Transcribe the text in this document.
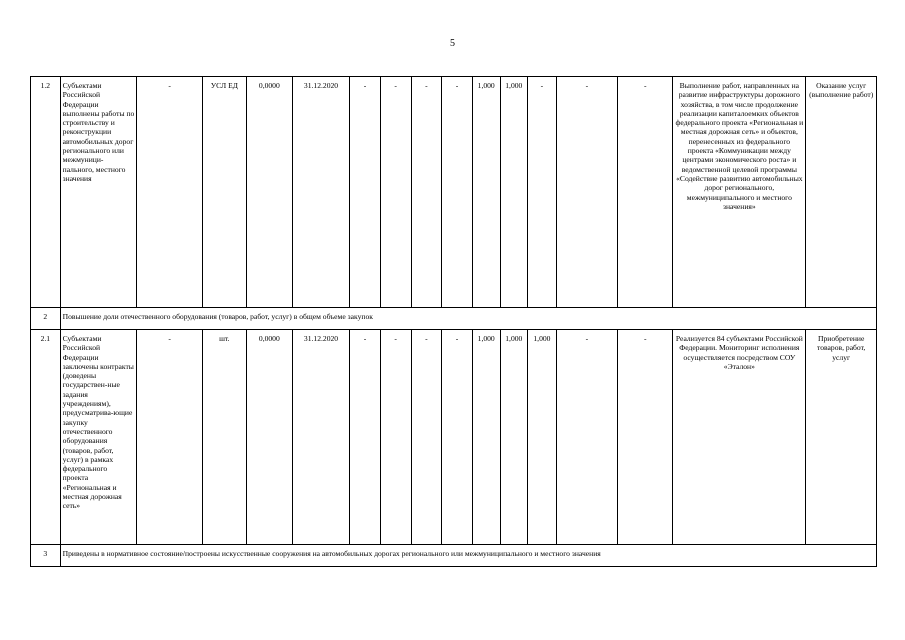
5
1.2	Субъектами Российской Федерации выполнены работы по строительству и реконструкции автомобильных дорог регионального или межмуници-пального, местного значения	-	УСЛ ЕД	0,0000	31.12.2020	-	-	-	-	1,000	1,000	-	-	-	Выполнение работ, направленных на развитие инфраструктуры дорожного хозяйства, в том числе продолжение реализации капиталоемких объектов федерального проекта «Региональная и местная дорожная сеть» и объектов, перенесенных из федерального проекта «Коммуникации между центрами экономического роста» и ведомственной целевой программы «Содействие развитию автомобильных дорог регионального, межмуниципального и местного значения»	Оказание услуг (выполнение работ)
2	Повышение доли отечественного оборудования (товаров, работ, услуг) в общем объеме закупок															
2.1	Субъектами Российской Федерации заключены контракты (доведены государствен-ные задания учреждениям), предусматрива-ющие закупку отечественного оборудования (товаров, работ, услуг) в рамках федерального проекта «Региональная и местная дорожная сеть»	-	шт.	0,0000	31.12.2020	-	-	-	-	1,000	1,000	1,000	-	-	Реализуется 84 субъектами Российской Федерации. Мониторинг исполнения осуществляется посредством СОУ «Эталон»	Приобретение товаров, работ, услуг
3	Приведены в нормативное состояние/построены искусственные сооружения на автомобильных дорогах регионального или межмуниципального и местного значения															
